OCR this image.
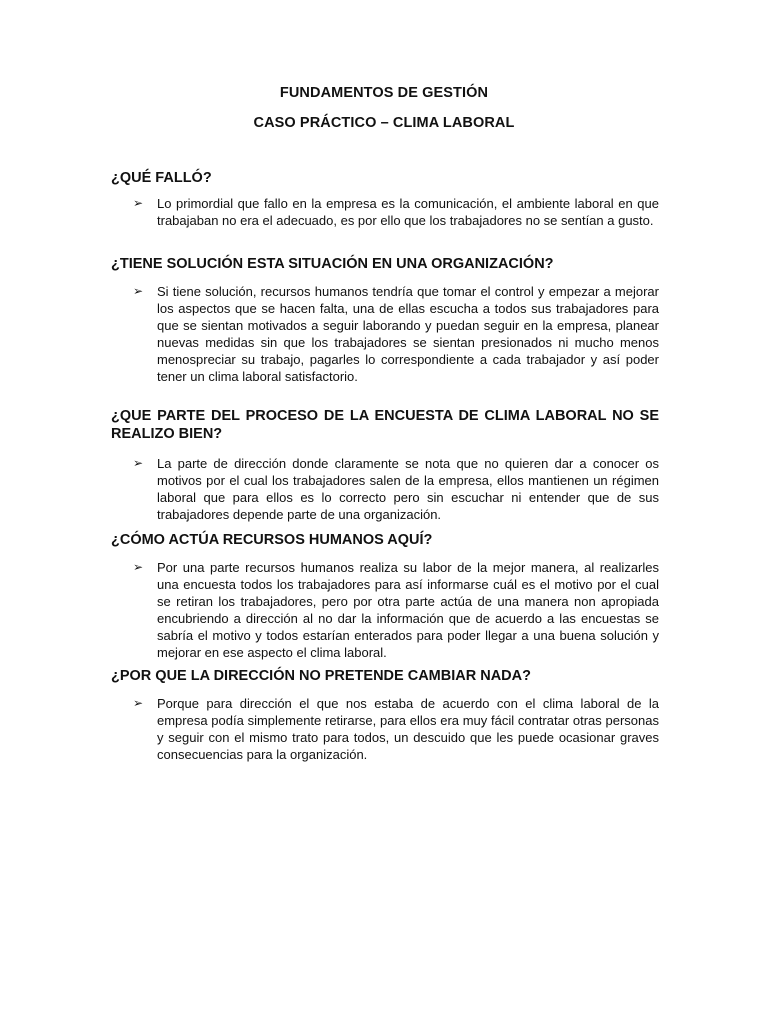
FUNDAMENTOS DE GESTIÓN
CASO PRÁCTICO – CLIMA LABORAL
¿QUÉ FALLÓ?
➢ Lo primordial que fallo en la empresa es la comunicación, el ambiente laboral en que trabajaban no era el adecuado, es por ello que los trabajadores no se sentían a gusto.
¿TIENE SOLUCIÓN ESTA SITUACIÓN EN UNA ORGANIZACIÓN?
➢ Si tiene solución, recursos humanos tendría que tomar el control y empezar a mejorar los aspectos que se hacen falta, una de ellas escucha a todos sus trabajadores para que se sientan motivados a seguir laborando y puedan seguir en la empresa, planear nuevas medidas sin que los trabajadores se sientan presionados ni mucho menos menospreciar su trabajo, pagarles lo correspondiente a cada trabajador y así poder tener un clima laboral satisfactorio.
¿QUE PARTE DEL PROCESO DE LA ENCUESTA DE CLIMA LABORAL NO SE REALIZO BIEN?
➢ La parte de dirección donde claramente se nota que no quieren dar a conocer os motivos por el cual los trabajadores salen de la empresa, ellos mantienen un régimen laboral que para ellos es lo correcto pero sin escuchar ni entender que de sus trabajadores depende parte de una organización.
¿CÓMO ACTÚA RECURSOS HUMANOS AQUÍ?
➢ Por una parte recursos humanos realiza su labor de la mejor manera, al realizarles una encuesta todos los trabajadores para así informarse cuál es el motivo por el cual se retiran los trabajadores, pero por otra parte actúa de una manera non apropiada encubriendo a dirección al no dar la información que de acuerdo a las encuestas se sabría el motivo y todos estarían enterados para poder llegar a una buena solución y mejorar en ese aspecto el clima laboral.
¿POR QUE LA DIRECCIÓN NO PRETENDE CAMBIAR NADA?
➢ Porque para dirección el que nos estaba de acuerdo con el clima laboral de la empresa podía simplemente retirarse, para ellos era muy fácil contratar otras personas y seguir con el mismo trato para todos, un descuido que les puede ocasionar graves consecuencias para la organización.
